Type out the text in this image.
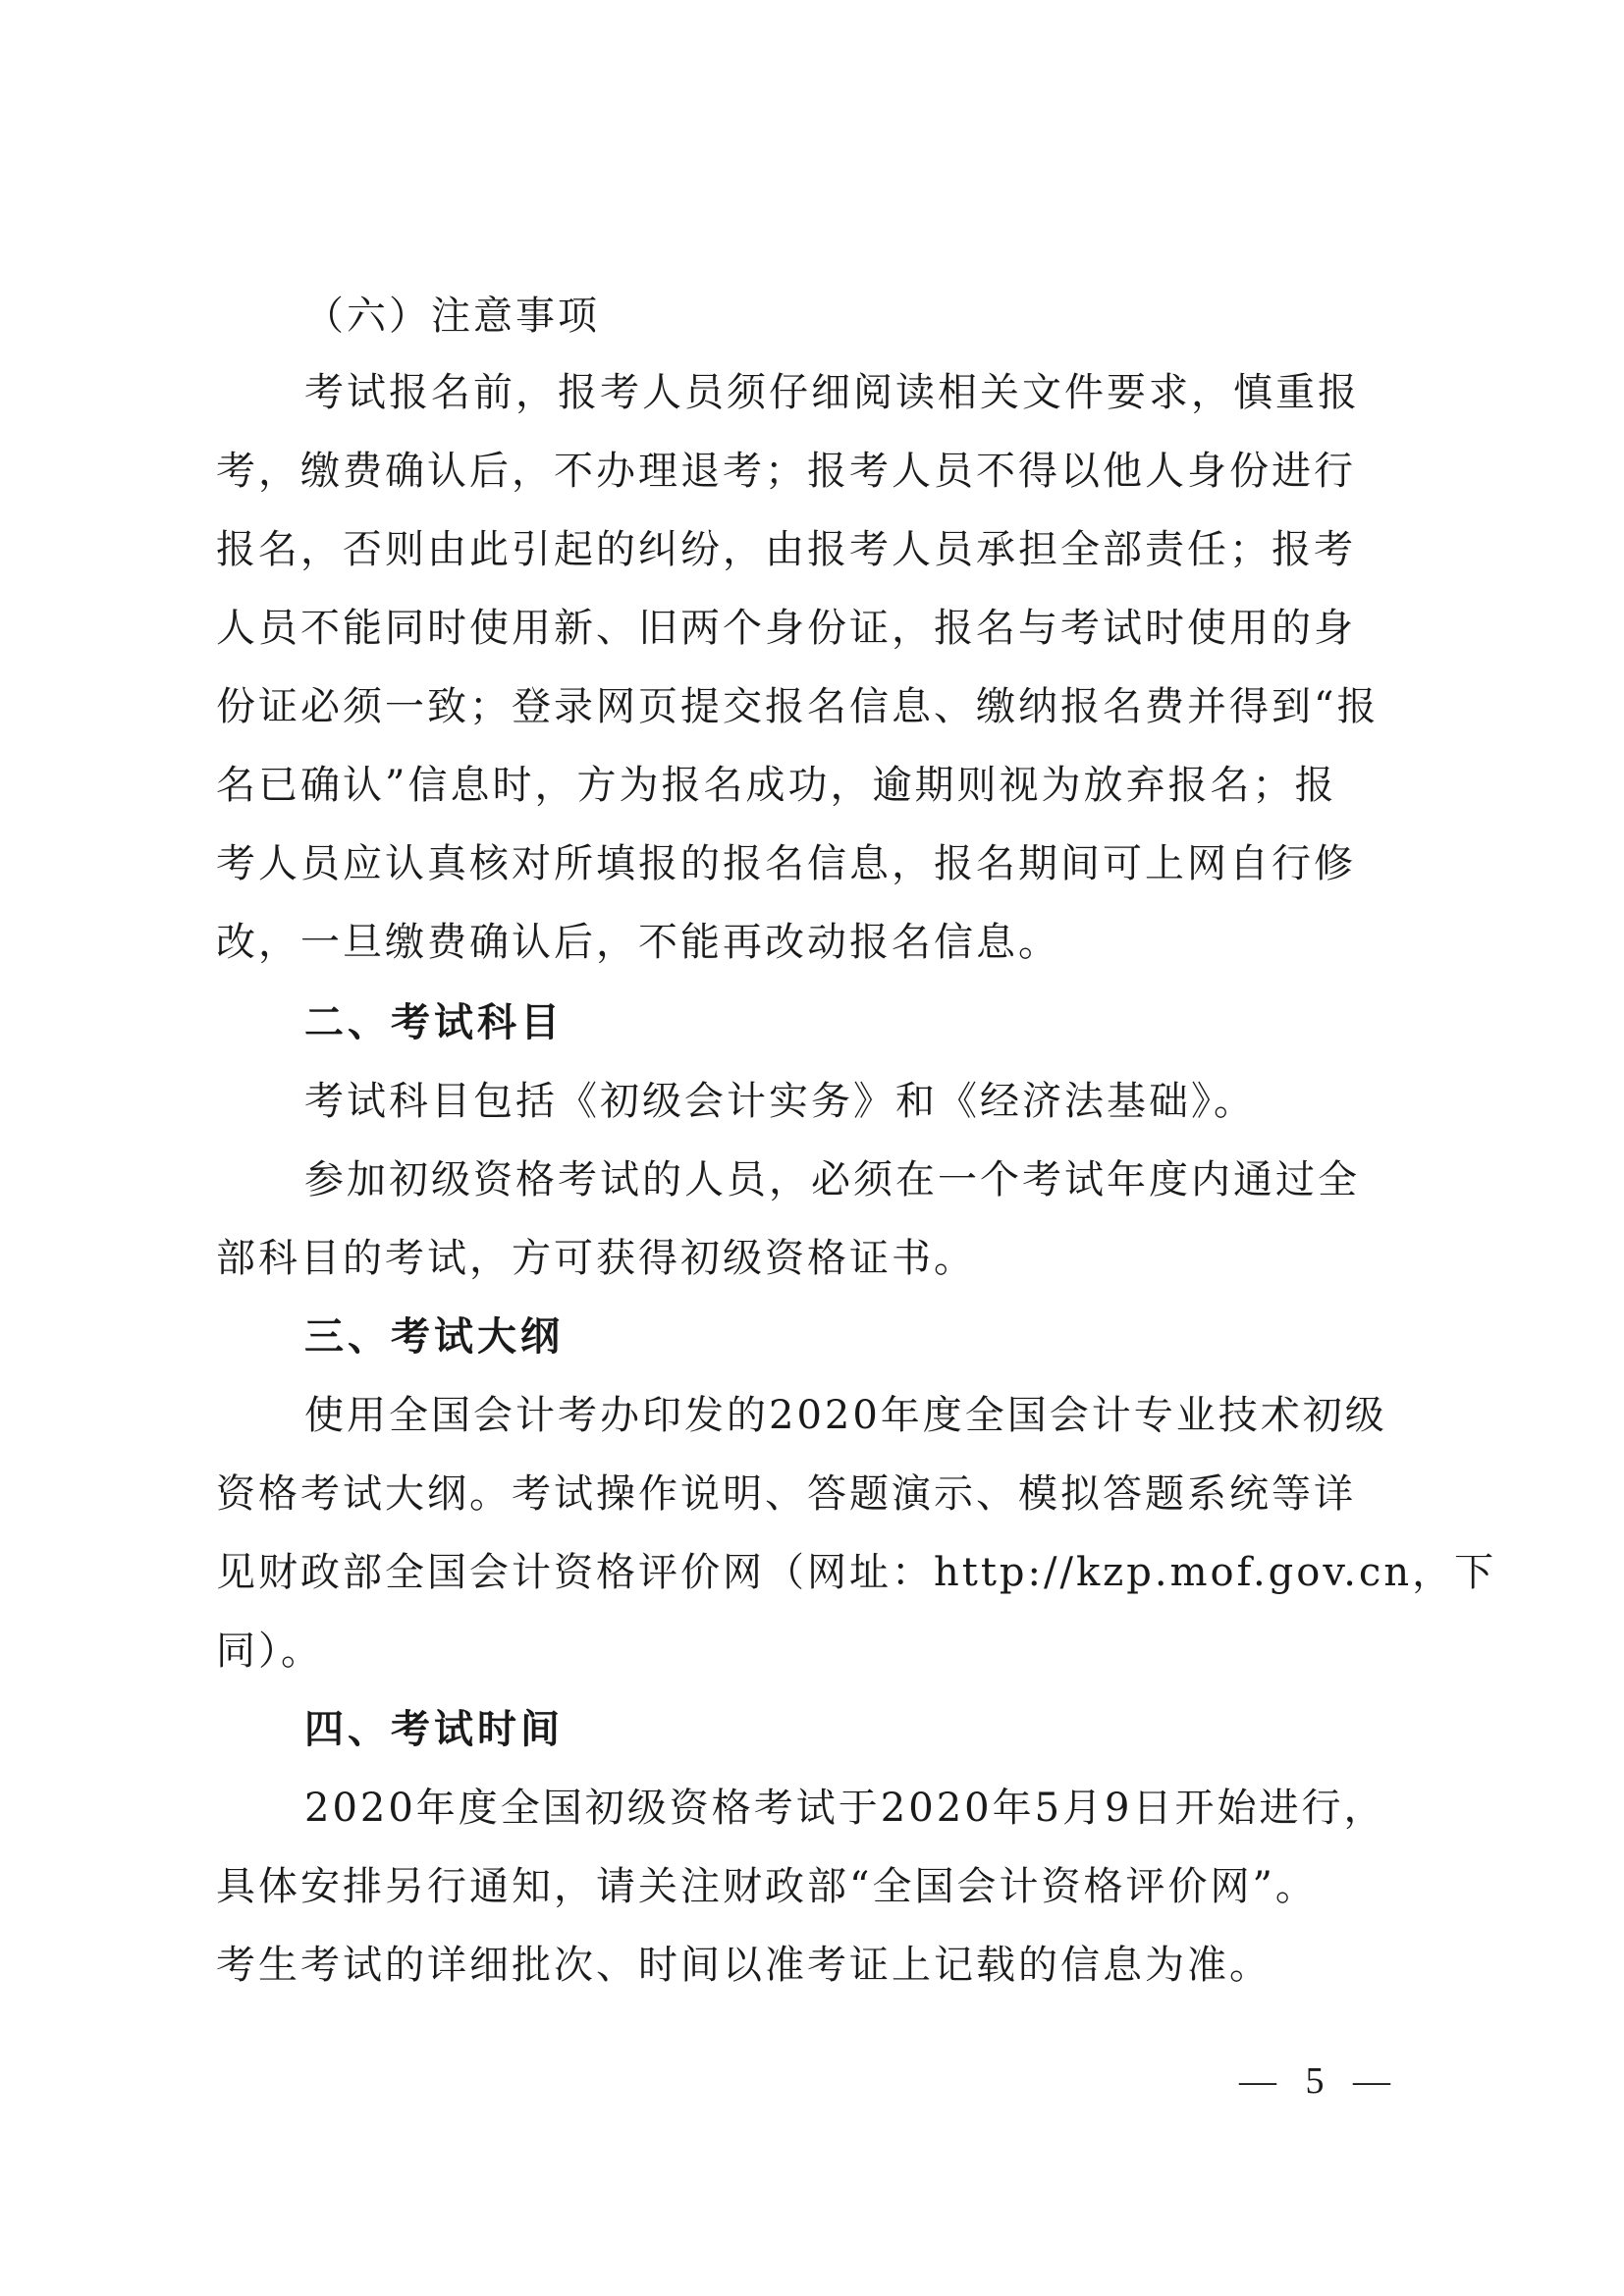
（六）注意事项
考试报名前，报考人员须仔细阅读相关文件要求，慎重报
考，缴费确认后，不办理退考；报考人员不得以他人身份进行
报名，否则由此引起的纠纷，由报考人员承担全部责任；报考
人员不能同时使用新、旧两个身份证，报名与考试时使用的身
份证必须一致；登录网页提交报名信息、缴纳报名费并得到“报
名已确认”信息时，方为报名成功，逾期则视为放弃报名；报
考人员应认真核对所填报的报名信息，报名期间可上网自行修
改，一旦缴费确认后，不能再改动报名信息。
二、考试科目
考试科目包括《初级会计实务》和《经济法基础》。
参加初级资格考试的人员，必须在一个考试年度内通过全
部科目的考试，方可获得初级资格证书。
三、考试大纲
使用全国会计考办印发的2020年度全国会计专业技术初级
资格考试大纲。考试操作说明、答题演示、模拟答题系统等详
见财政部全国会计资格评价网（网址：http://kzp.mof.gov.cn，下
同）。
四、考试时间
2020年度全国初级资格考试于2020年5月9日开始进行，
具体安排另行通知，请关注财政部“全国会计资格评价网”。
考生考试的详细批次、时间以准考证上记载的信息为准。
— 5 —
